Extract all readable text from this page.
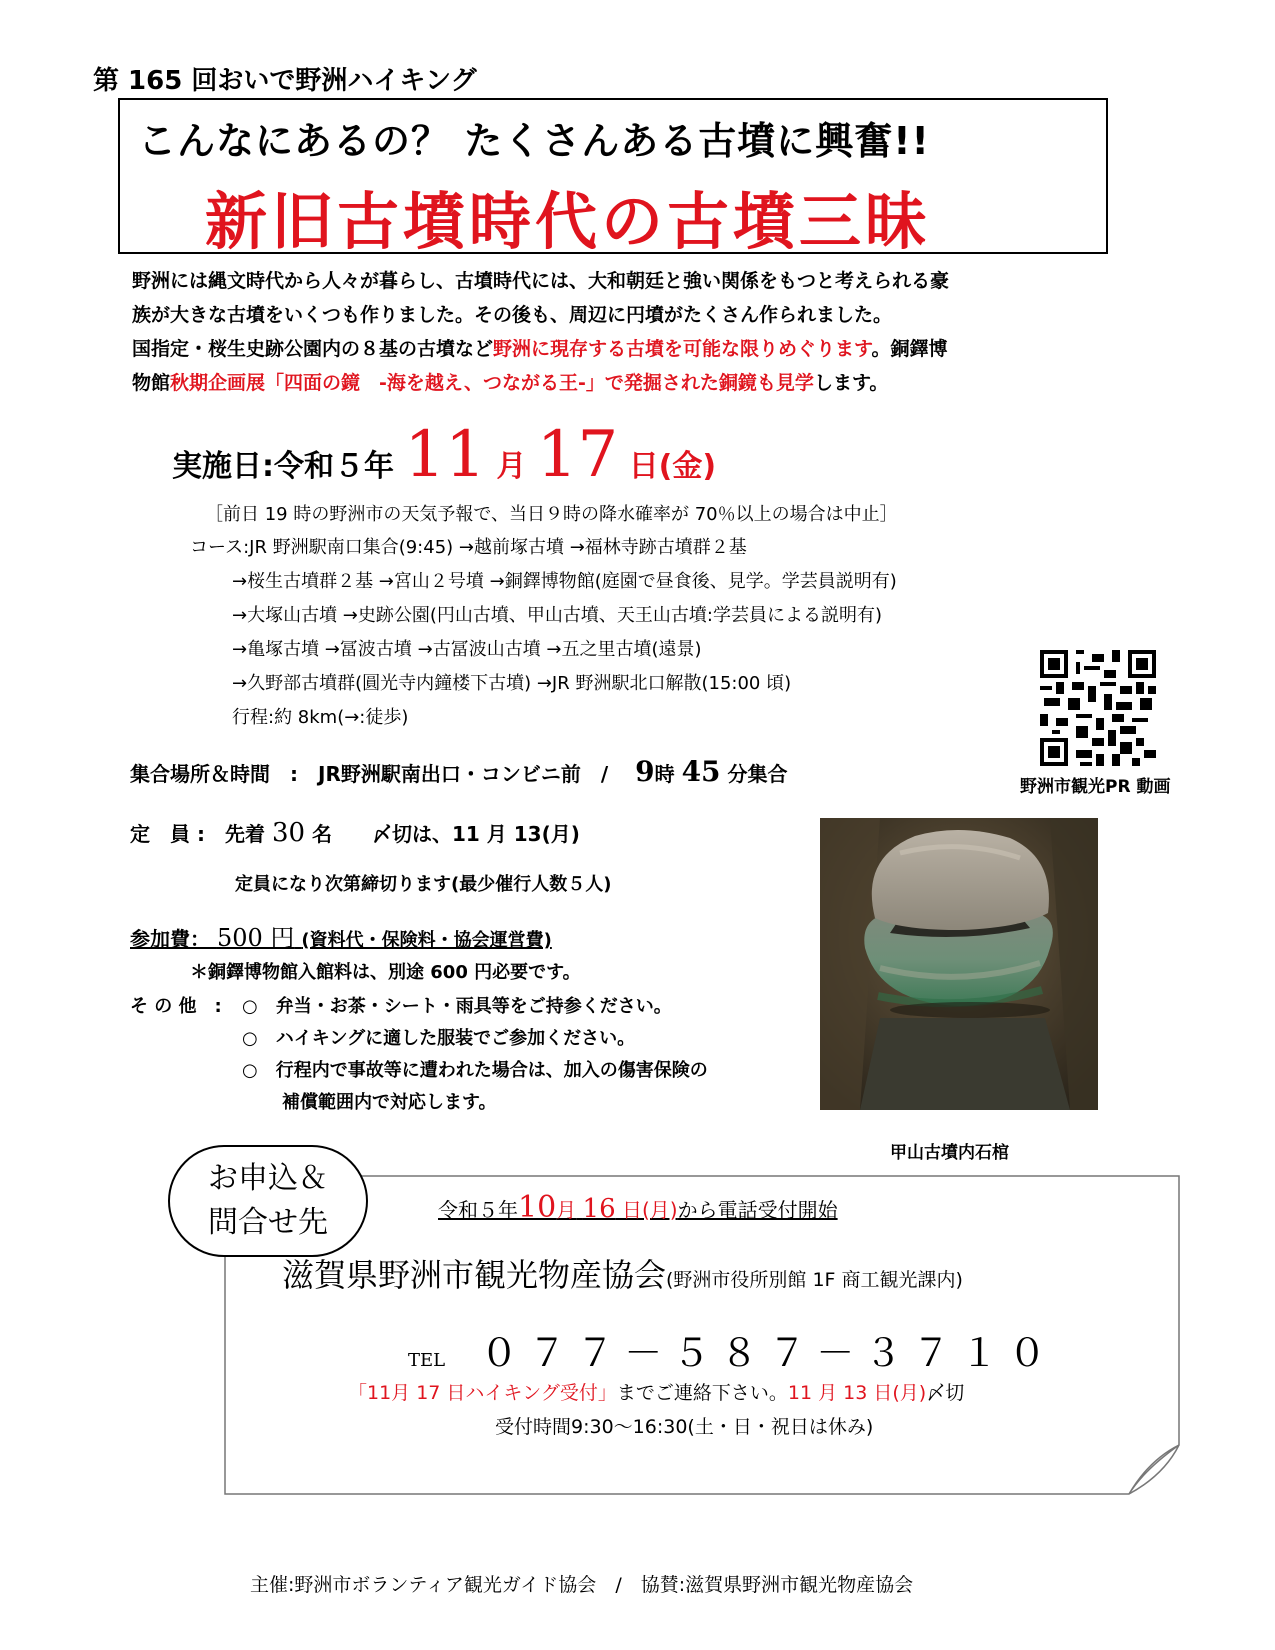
第 165 回おいで野洲ハイキング
こんなにあるの？ たくさんある古墳に興奮!!
新旧古墳時代の古墳三昧

野洲には縄文時代から人々が暮らし、古墳時代には、大和朝廷と強い関係をもつと考えられる豪

族が大きな古墳をいくつも作りました。その後も、周辺に円墳がたくさん作られました。

国指定・桜生史跡公園内の８基の古墳など野洲に現存する古墳を可能な限りめぐります。銅鐸博

物館秋期企画展「四面の鏡　-海を越え、つながる王-」で発掘された銅鏡も見学します。

実施日:令和５年 11 月 17 日(金)
［前日 19 時の野洲市の天気予報で、当日９時の降水確率が 70％以上の場合は中止］
コース:JR 野洲駅南口集合(9:45) →越前塚古墳 →福林寺跡古墳群２基
→桜生古墳群２基 →宮山２号墳 →銅鐸博物館(庭園で昼食後、見学。学芸員説明有)
→大塚山古墳 →史跡公園(円山古墳、甲山古墳、天王山古墳:学芸員による説明有)
→亀塚古墳 →冨波古墳 →古冨波山古墳 →五之里古墳(遠景)
→久野部古墳群(圓光寺内鐘楼下古墳) →JR 野洲駅北口解散(15:00 頃)
行程:約 8km(→:徒歩)
野洲市観光PR 動画
集合場所＆時間　:　JR野洲駅南出口・コンビニ前　/　 9時 45 分集合
定　員 :　先着 30 名　　〆切は、11 月 13(月)
定員になり次第締切ります(最少催行人数５人)
参加費： 500 円 (資料代・保険料・協会運営費)
＊銅鐸博物館入館料は、別途 600 円必要です。
そ の 他　: ○　弁当・お茶・シート・雨具等をご持参ください。
○　ハイキングに適した服装でご参加ください。
○　行程内で事故等に遭われた場合は、加入の傷害保険の
補償範囲内で対応します。
甲山古墳内石棺
お申込＆
問合せ先	令和５年10月 16 日(月)から電話受付開始
滋賀県野洲市観光物産協会(野洲市役所別館 1F 商工観光課内)
TEL ０７７－５８７－３７１０
「11月 17 日ハイキング受付」までご連絡下さい。11 月 13 日(月)〆切
受付時間9:30～16:30(土・日・祝日は休み)
主催:野洲市ボランティア観光ガイド協会　/　協賛:滋賀県野洲市観光物産協会
